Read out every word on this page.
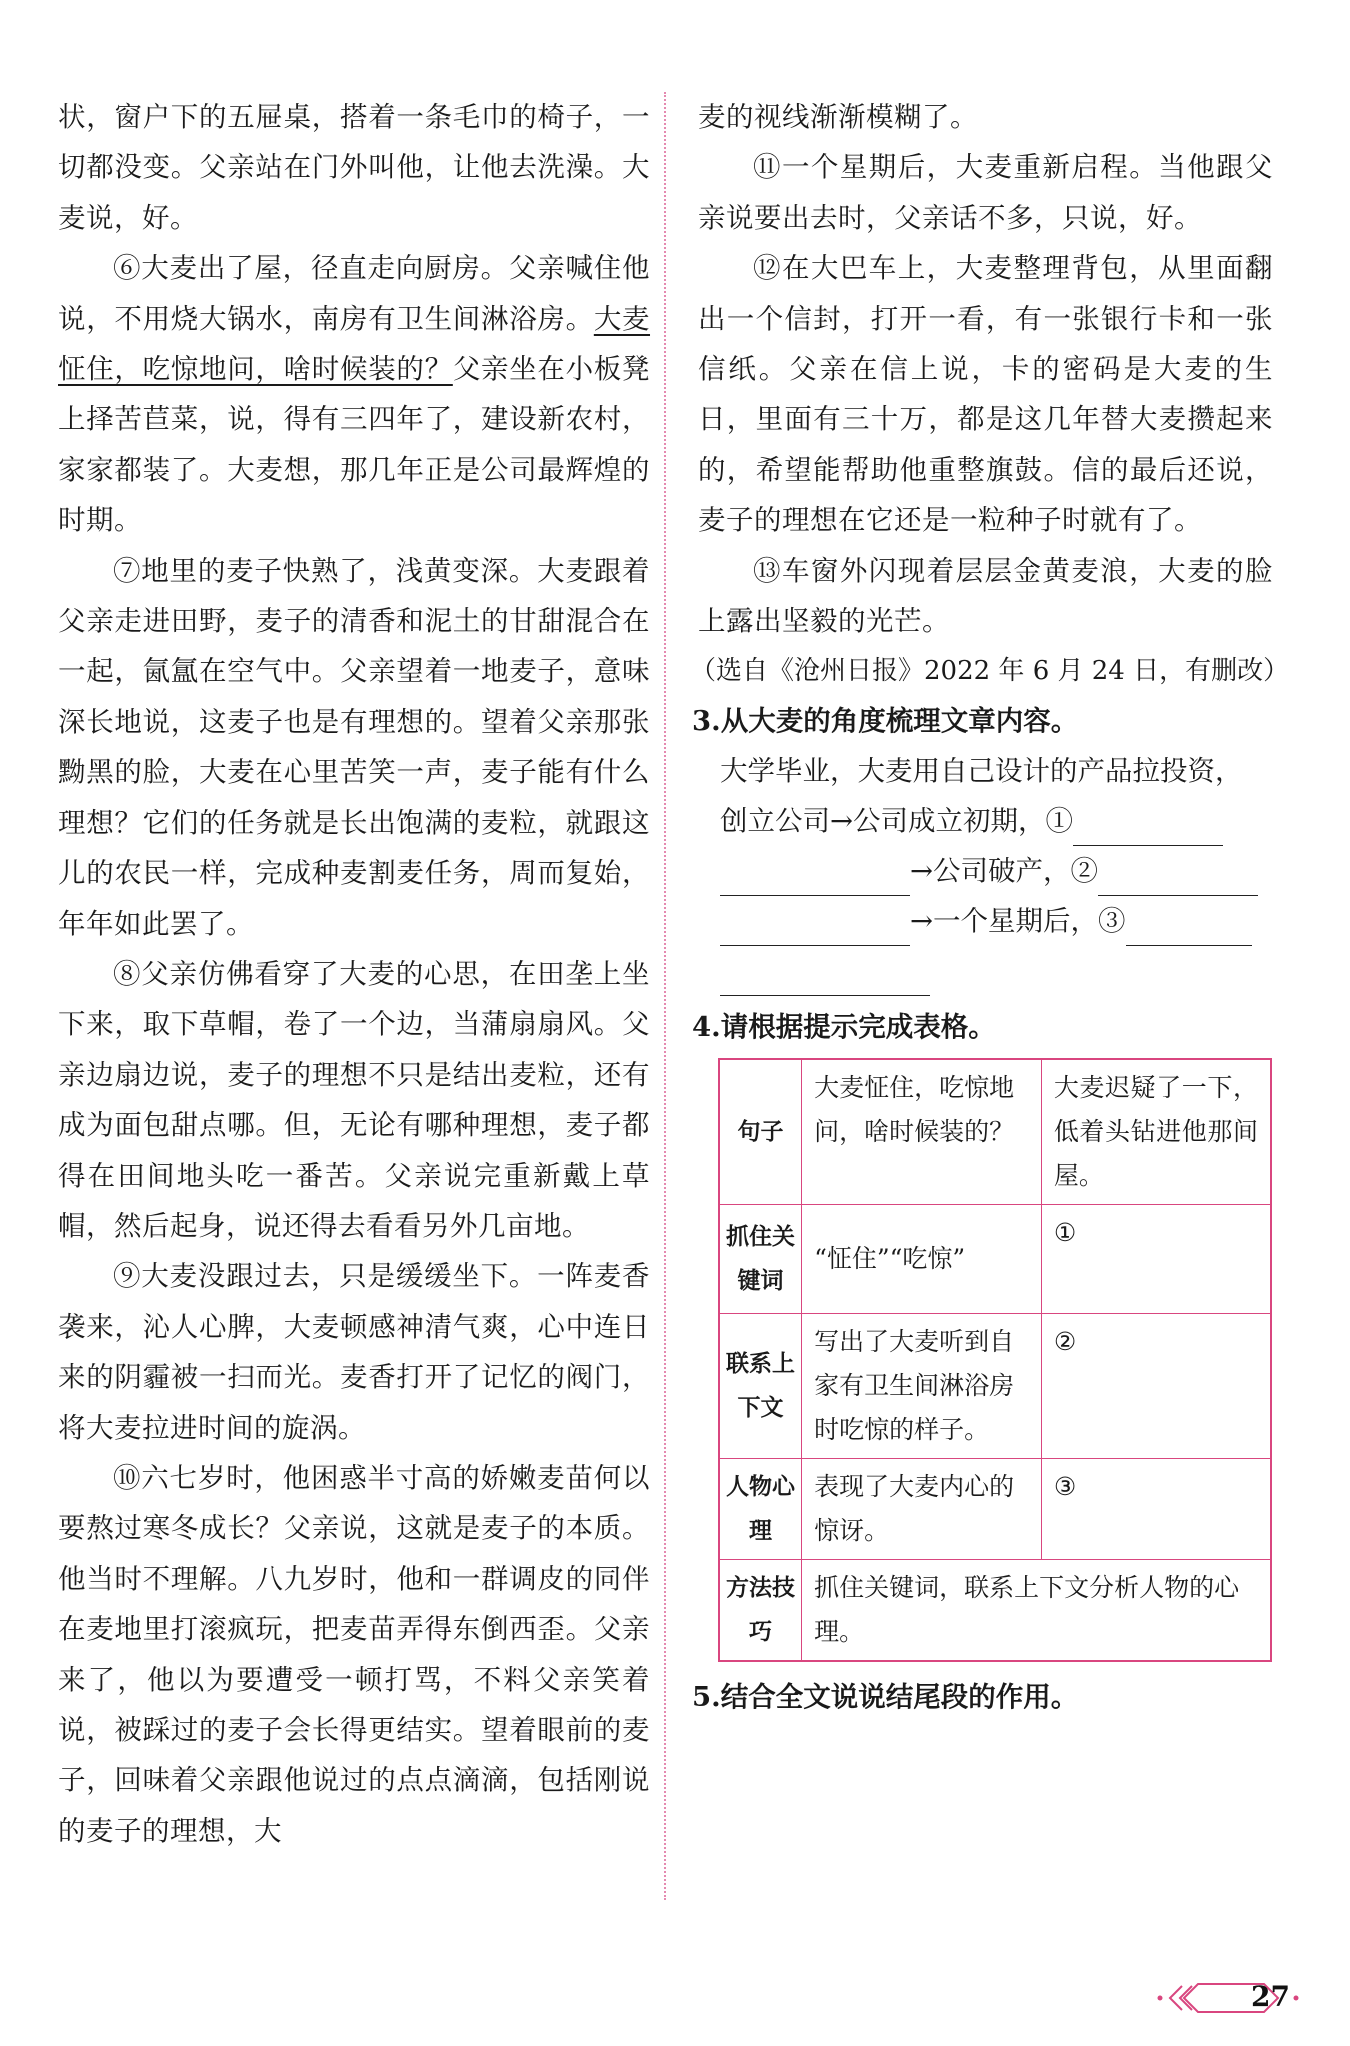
状，窗户下的五屉桌，搭着一条毛巾的椅子，一切都没变。父亲站在门外叫他，让他去洗澡。大麦说，好。

⑥大麦出了屋，径直走向厨房。父亲喊住他说，不用烧大锅水，南房有卫生间淋浴房。大麦怔住，吃惊地问，啥时候装的？父亲坐在小板凳上择苦苣菜，说，得有三四年了，建设新农村，家家都装了。大麦想，那几年正是公司最辉煌的时期。

⑦地里的麦子快熟了，浅黄变深。大麦跟着父亲走进田野，麦子的清香和泥土的甘甜混合在一起，氤氲在空气中。父亲望着一地麦子，意味深长地说，这麦子也是有理想的。望着父亲那张黝黑的脸，大麦在心里苦笑一声，麦子能有什么理想？它们的任务就是长出饱满的麦粒，就跟这儿的农民一样，完成种麦割麦任务，周而复始，年年如此罢了。

⑧父亲仿佛看穿了大麦的心思，在田垄上坐下来，取下草帽，卷了一个边，当蒲扇扇风。父亲边扇边说，麦子的理想不只是结出麦粒，还有成为面包甜点哪。但，无论有哪种理想，麦子都得在田间地头吃一番苦。父亲说完重新戴上草帽，然后起身，说还得去看看另外几亩地。

⑨大麦没跟过去，只是缓缓坐下。一阵麦香袭来，沁人心脾，大麦顿感神清气爽，心中连日来的阴霾被一扫而光。麦香打开了记忆的阀门，将大麦拉进时间的旋涡。

⑩六七岁时，他困惑半寸高的娇嫩麦苗何以要熬过寒冬成长？父亲说，这就是麦子的本质。他当时不理解。八九岁时，他和一群调皮的同伴在麦地里打滚疯玩，把麦苗弄得东倒西歪。父亲来了，他以为要遭受一顿打骂，不料父亲笑着说，被踩过的麦子会长得更结实。望着眼前的麦子，回味着父亲跟他说过的点点滴滴，包括刚说的麦子的理想，大

麦的视线渐渐模糊了。

⑪一个星期后，大麦重新启程。当他跟父亲说要出去时，父亲话不多，只说，好。

⑫在大巴车上，大麦整理背包，从里面翻出一个信封，打开一看，有一张银行卡和一张信纸。父亲在信上说，卡的密码是大麦的生日，里面有三十万，都是这几年替大麦攒起来的，希望能帮助他重整旗鼓。信的最后还说，麦子的理想在它还是一粒种子时就有了。

⑬车窗外闪现着层层金黄麦浪，大麦的脸上露出坚毅的光芒。

（选自《沧州日报》2022 年 6 月 24 日，有删改）

3.从大麦的角度梳理文章内容。

大学毕业，大麦用自己设计的产品拉投资，
创立公司 → 公司成立初期，①
→ 公司破产，②
→ 一个星期后，③

4.请根据提示完成表格。

句子	大麦怔住，吃惊地问，啥时候装的？	大麦迟疑了一下，低着头钻进他那间屋。
抓住关键词	“怔住”“吃惊”	①
联系上下文	写出了大麦听到自家有卫生间淋浴房时吃惊的样子。	②
人物心理	表现了大麦内心的惊讶。	③
方法技巧	抓住关键词，联系上下文分析人物的心理。	

5.结合全文说说结尾段的作用。

27
